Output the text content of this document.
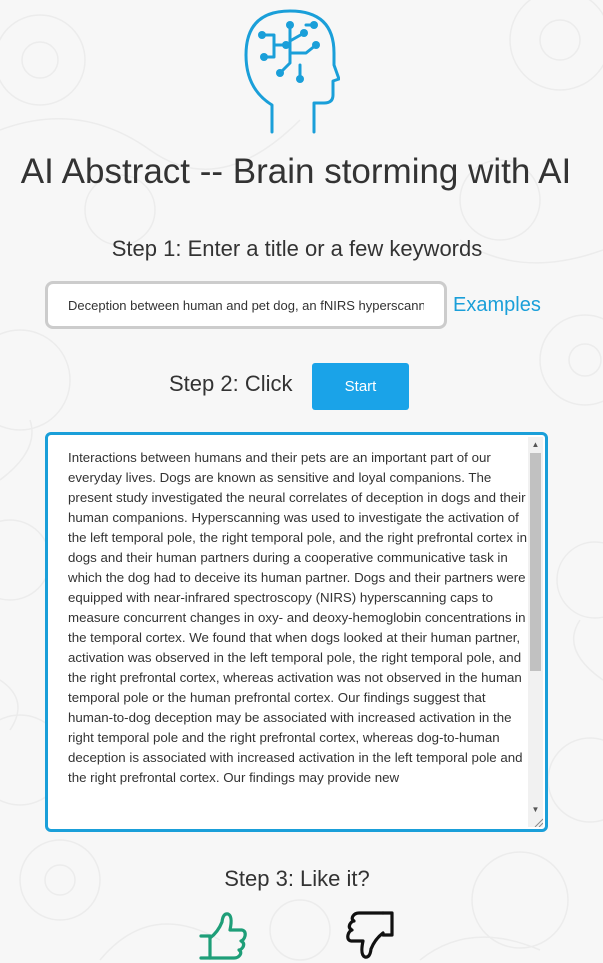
AI Abstract -- Brain storming with AI
Step 1: Enter a title or a few keywords
Deception between human and pet dog, an fNIRS hyperscanning study
Examples
Step 2: Click	Start

Interactions between humans and their pets are an important part of our everyday lives. Dogs are known as sensitive and loyal companions. The present study investigated the neural correlates of deception in dogs and their human companions. Hyperscanning was used to investigate the activation of the left temporal pole, the right temporal pole, and the right prefrontal cortex in dogs and their human partners during a cooperative communicative task in which the dog had to deceive its human partner. Dogs and their partners were equipped with near-infrared spectroscopy (NIRS) hyperscanning caps to measure concurrent changes in oxy- and deoxy-hemoglobin concentrations in the temporal cortex. We found that when dogs looked at their human partner, activation was observed in the left temporal pole, the right temporal pole, and the right prefrontal cortex, whereas activation was not observed in the human temporal pole or the human prefrontal cortex. Our findings suggest that human-to-dog deception may be associated with increased activation in the right temporal pole and the right prefrontal cortex, whereas dog-to-human deception is associated with increased activation in the left temporal pole and the right prefrontal cortex. Our findings may provide new

▲
▼
Step 3: Like it?
